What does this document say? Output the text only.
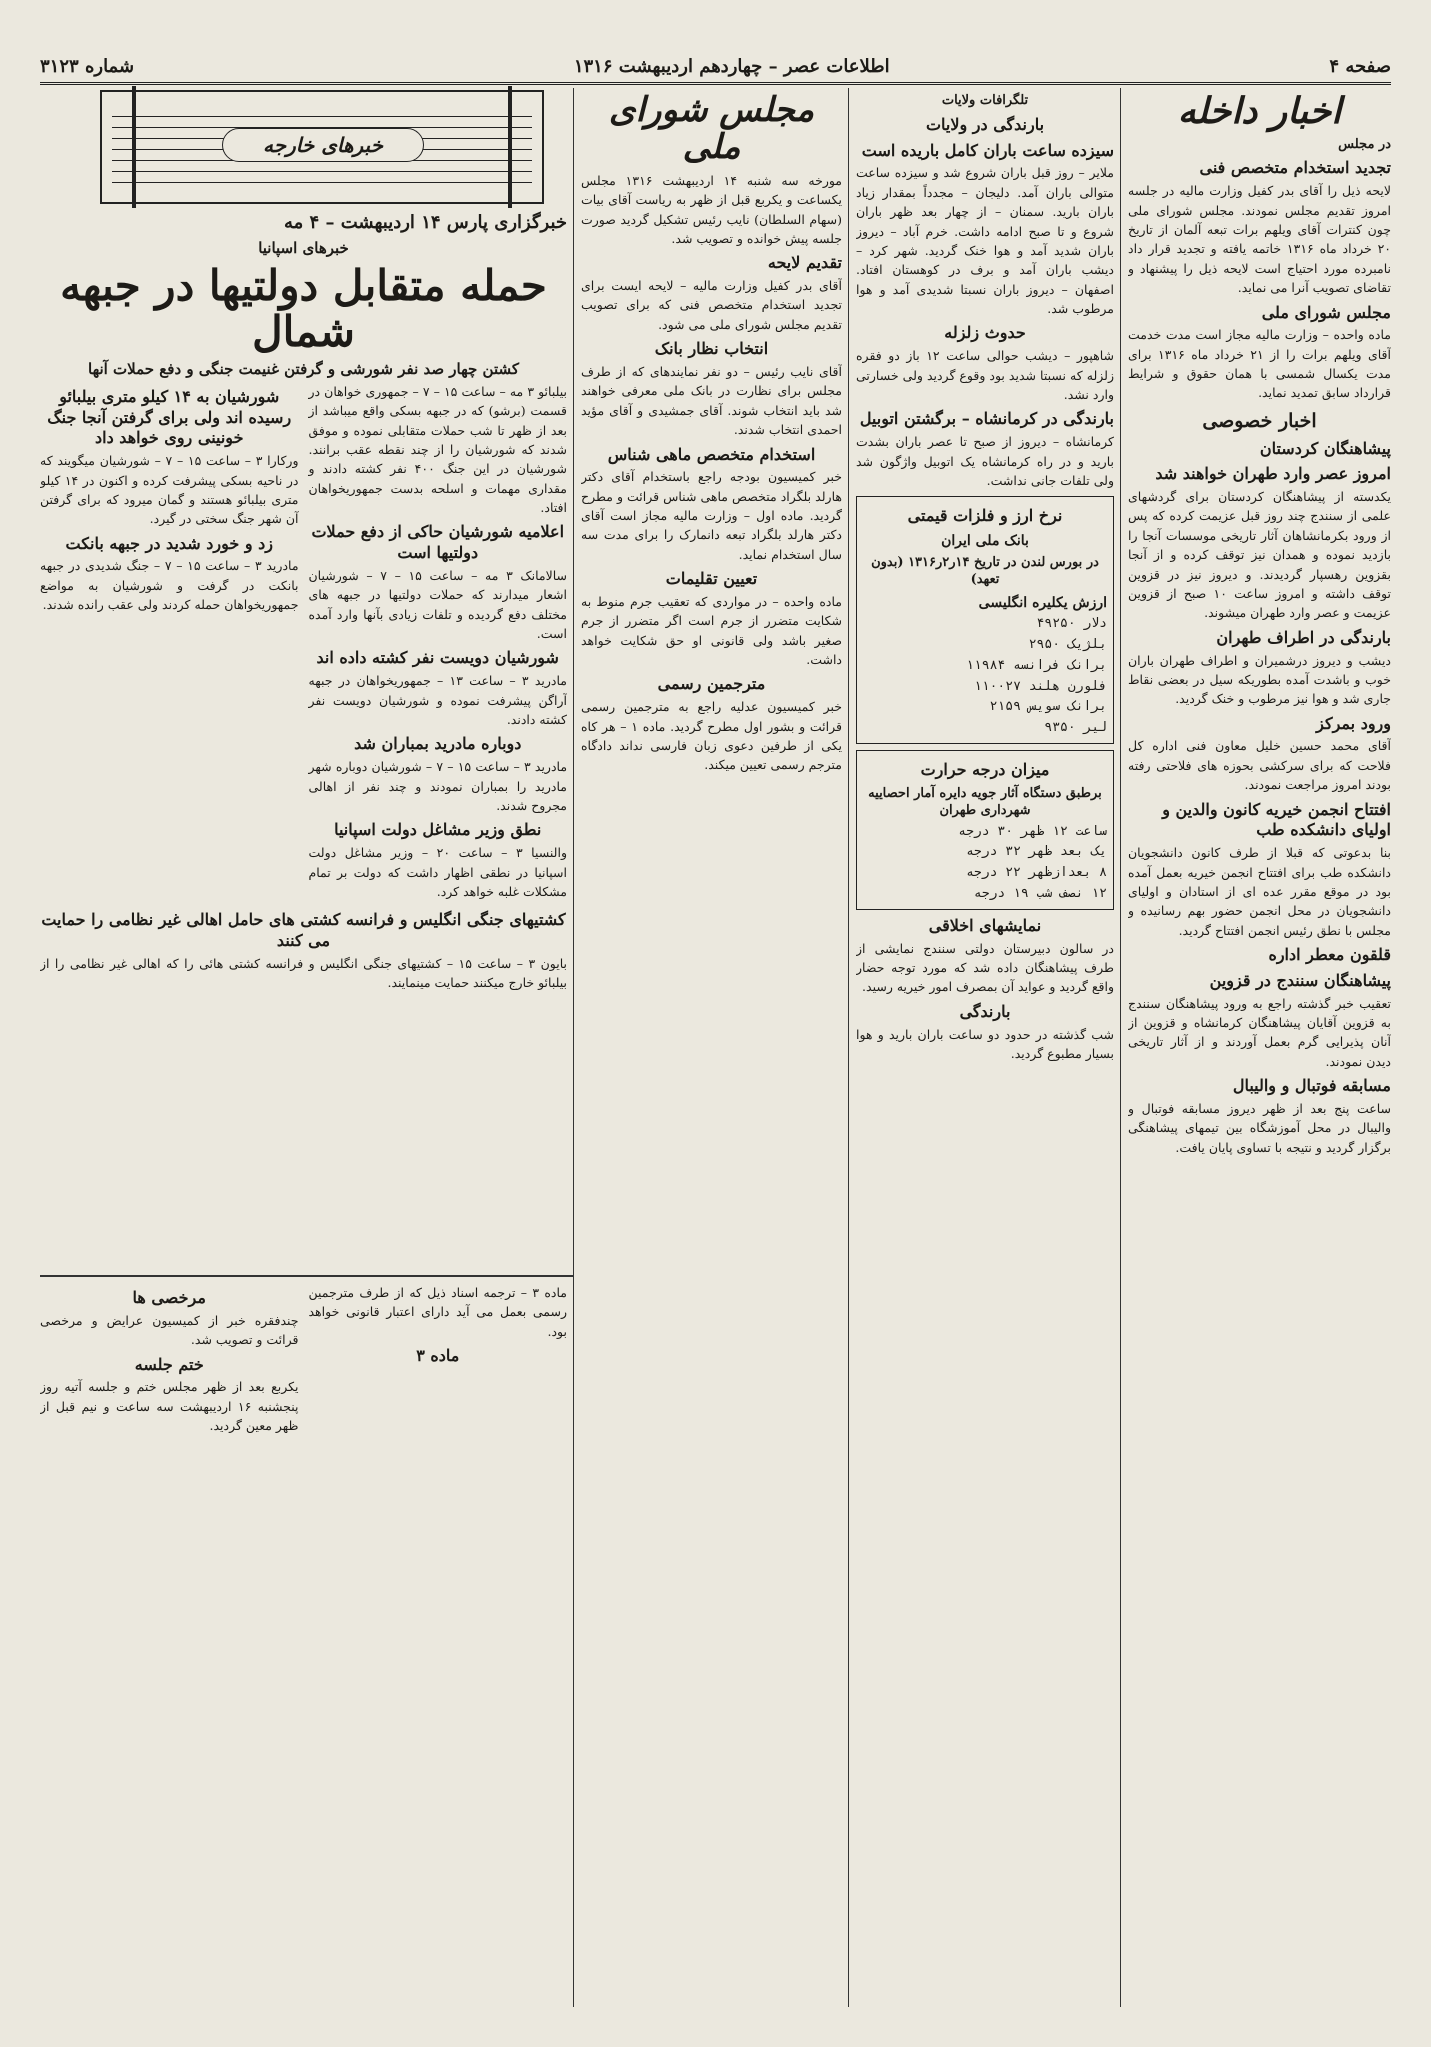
صفحه ۴
اطلاعات عصر – چهاردهم اردیبهشت ۱۳۱۶
شماره ۳۱۲۳
اخبار داخله
در مجلس
تجدید استخدام متخصص فنی

لایحه ذیل را آقای بدر کفیل وزارت مالیه در جلسه امروز تقدیم مجلس نمودند. مجلس شورای ملی چون کنترات آقای ویلهم برات تبعه آلمان از تاریخ ۲۰ خرداد ماه ۱۳۱۶ خاتمه یافته و تجدید قرار داد نامبرده مورد احتیاج است لایحه ذیل را پیشنهاد و تقاضای تصویب آنرا می نماید.

مجلس شورای ملی

ماده واحده – وزارت مالیه مجاز است مدت خدمت آقای ویلهم برات را از ۲۱ خرداد ماه ۱۳۱۶ برای مدت یکسال شمسی با همان حقوق و شرایط قرارداد سابق تمدید نماید.

اخبار خصوصی
پیشاهنگان کردستان
امروز عصر وارد طهران خواهند شد

یکدسته از پیشاهنگان کردستان برای گردشهای علمی از سنندج چند روز قبل عزیمت کرده که پس از ورود بکرمانشاهان آثار تاریخی موسسات آنجا را بازدید نموده و همدان نیز توقف کرده و از آنجا بقزوین رهسپار گردیدند. و دیروز نیز در قزوین توقف داشته و امروز ساعت ۱۰ صبح از قزوین عزیمت و عصر وارد طهران میشوند.

بارندگی در اطراف طهران

دیشب و دیروز درشمیران و اطراف طهران باران خوب و باشدت آمده بطوریکه سیل در بعضی نقاط جاری شد و هوا نیز مرطوب و خنک گردید.

ورود بمرکز

آقای محمد حسین خلیل معاون فنی اداره کل فلاحت که برای سرکشی بحوزه های فلاحتی رفته بودند امروز مراجعت نمودند.

افتتاح انجمن خیریه کانون والدین و اولیای دانشکده طب

بنا بدعوتی که قبلا از طرف کانون دانشجویان دانشکده طب برای افتتاح انجمن خیریه بعمل آمده بود در موقع مقرر عده ای از استادان و اولیای دانشجویان در محل انجمن حضور بهم رسانیده و مجلس با نطق رئیس انجمن افتتاح گردید.

قلقون معطر اداره
پیشاهنگان سنندج در قزوین

تعقیب خبر گذشته راجع به ورود پیشاهنگان سنندج به قزوین آقایان پیشاهنگان کرمانشاه و قزوین از آنان پذیرایی گرم بعمل آوردند و از آثار تاریخی دیدن نمودند.

مسابقه فوتبال و والیبال

ساعت پنج بعد از ظهر دیروز مسابقه فوتبال و والیبال در محل آموزشگاه بین تیمهای پیشاهنگی برگزار گردید و نتیجه با تساوی پایان یافت.

تلگرافات ولایات
بارندگی در ولایات
سیزده ساعت باران کامل باریده است

ملایر – روز قبل باران شروع شد و سیزده ساعت متوالی باران آمد. دلیجان – مجدداً بمقدار زیاد باران بارید. سمنان – از چهار بعد ظهر باران شروع و تا صبح ادامه داشت. خرم آباد – دیروز باران شدید آمد و هوا خنک گردید. شهر کرد – دیشب باران آمد و برف در کوهستان افتاد. اصفهان – دیروز باران نسبتا شدیدی آمد و هوا مرطوب شد.

حدوث زلزله

شاهپور – دیشب حوالی ساعت ۱۲ باز دو فقره زلزله که نسبتا شدید بود وقوع گردید ولی خسارتی وارد نشد.

بارندگی در کرمانشاه – برگشتن اتوبیل

کرمانشاه – دیروز از صبح تا عصر باران بشدت بارید و در راه کرمانشاه یک اتوبیل واژگون شد ولی تلفات جانی نداشت.

نرخ ارز و فلزات قیمتی
بانک ملی ایران
در بورس لندن در تاریخ ۱۴ر۲ر۱۳۱۶ (بدون تعهد)
ارزش یکلیره انگلیسی
دلار ۴۹۲۵۰
بلژیک ۲۹۵۰
برانک فرانسه ۱۱۹۸۴
فلورن هلند ۱۱۰۰۲۷
برانک سویس ۲۱۵۹
لیر ۹۳۵۰
میزان درجه حرارت
برطبق دستگاه آثار جویه دایره آمار احصاییه شهرداری طهران
ساعت ۱۲ ظهر ۳۰ درجه
یک بعد ظهر ۳۲ درجه
۸ بعدازظهر ۲۲ درجه
۱۲ نصف شب ۱۹ درجه
نمایشهای اخلاقی

در سالون دبیرستان دولتی سنندج نمایشی از طرف پیشاهنگان داده شد که مورد توجه حضار واقع گردید و عواید آن بمصرف امور خیریه رسید.

بارندگی

شب گذشته در حدود دو ساعت باران بارید و هوا بسیار مطبوع گردید.

مجلس شورای ملی

مورخه سه شنبه ۱۴ اردیبهشت ۱۳۱۶ مجلس یکساعت و یکربع قبل از ظهر به ریاست آقای بیات (سهام السلطان) نایب رئیس تشکیل گردید صورت جلسه پیش خوانده و تصویب شد.

تقدیم لایحه

آقای بدر کفیل وزارت مالیه – لایحه ایست برای تجدید استخدام متخصص فنی که برای تصویب تقدیم مجلس شورای ملی می شود.

انتخاب نظار بانک

آقای نایب رئیس – دو نفر نمایندهای که از طرف مجلس برای نظارت در بانک ملی معرفی خواهند شد باید انتخاب شوند. آقای جمشیدی و آقای مؤید احمدی انتخاب شدند.

استخدام متخصص ماهی شناس

خبر کمیسیون بودجه راجع باستخدام آقای دکتر هارلد بلگراد متخصص ماهی شناس قرائت و مطرح گردید. ماده اول – وزارت مالیه مجاز است آقای دکتر هارلد بلگراد تبعه دانمارک را برای مدت سه سال استخدام نماید.

تعیین تقلیمات

ماده واحده – در مواردی که تعقیب جرم منوط به شکایت متضرر از جرم است اگر متضرر از جرم صغیر باشد ولی قانونی او حق شکایت خواهد داشت.

مترجمین رسمی

خبر کمیسیون عدلیه راجع به مترجمین رسمی قرائت و بشور اول مطرح گردید. ماده ۱ – هر کاه یکی از طرفین دعوی زبان فارسی نداند دادگاه مترجم رسمی تعیین میکند.

خبرهای خارجه
خبرگزاری پارس ۱۴ اردیبهشت – ۴ مه
خبرهای اسپانیا
حمله متقابل دولتیها در جبهه شمال
کشتن چهار صد نفر شورشی و گرفتن غنیمت جنگی و دفع حملات آنها

بیلبائو ۳ مه – ساعت ۱۵ – ۷ – جمهوری خواهان در قسمت (برشو) که در جبهه بسکی واقع میباشد از بعد از ظهر تا شب حملات متقابلی نموده و موفق شدند که شورشیان را از چند نقطه عقب برانند. شورشیان در این جنگ ۴۰۰ نفر کشته دادند و مقداری مهمات و اسلحه بدست جمهوریخواهان افتاد.

اعلامیه شورشیان حاکی از دفع حملات دولتیها است

سالامانک ۳ مه – ساعت ۱۵ – ۷ – شورشیان اشعار میدارند که حملات دولتیها در جبهه های مختلف دفع گردیده و تلفات زیادی بآنها وارد آمده است.

شورشیان دویست نفر کشته داده اند

مادرید ۳ – ساعت ۱۳ – جمهوریخواهان در جبهه آراگن پیشرفت نموده و شورشیان دویست نفر کشته دادند.

دوباره مادرید بمباران شد

مادرید ۳ – ساعت ۱۵ – ۷ – شورشیان دوباره شهر مادرید را بمباران نمودند و چند نفر از اهالی مجروح شدند.

نطق وزیر مشاغل دولت اسپانیا

والنسیا ۳ – ساعت ۲۰ – وزیر مشاغل دولت اسپانیا در نطقی اظهار داشت که دولت بر تمام مشکلات غلبه خواهد کرد.

شورشیان به ۱۴ کیلو متری بیلبائو رسیده اند ولی برای گرفتن آنجا جنگ خونینی روی خواهد داد

ورکارا ۳ – ساعت ۱۵ – ۷ – شورشیان میگویند که در ناحیه بسکی پیشرفت کرده و اکنون در ۱۴ کیلو متری بیلبائو هستند و گمان میرود که برای گرفتن آن شهر جنگ سختی در گیرد.

زد و خورد شدید در جبهه بانکت

مادرید ۳ – ساعت ۱۵ – ۷ – جنگ شدیدی در جبهه بانکت در گرفت و شورشیان به مواضع جمهوریخواهان حمله کردند ولی عقب رانده شدند.

کشتیهای جنگی انگلیس و فرانسه کشتی های حامل اهالی غیر نظامی را حمایت می کنند

بایون ۳ – ساعت ۱۵ – کشتیهای جنگی انگلیس و فرانسه کشتی هائی را که اهالی غیر نظامی را از بیلبائو خارج میکنند حمایت مینمایند.

ماده ۳ – ترجمه اسناد ذیل که از طرف مترجمین رسمی بعمل می آید دارای اعتبار قانونی خواهد بود.

ماده ۳
مرخصی ها

چندفقره خبر از کمیسیون عرایض و مرخصی قرائت و تصویب شد.

ختم جلسه

یکربع بعد از ظهر مجلس ختم و جلسه آتیه روز پنجشنبه ۱۶ اردیبهشت سه ساعت و نیم قبل از ظهر معین گردید.
